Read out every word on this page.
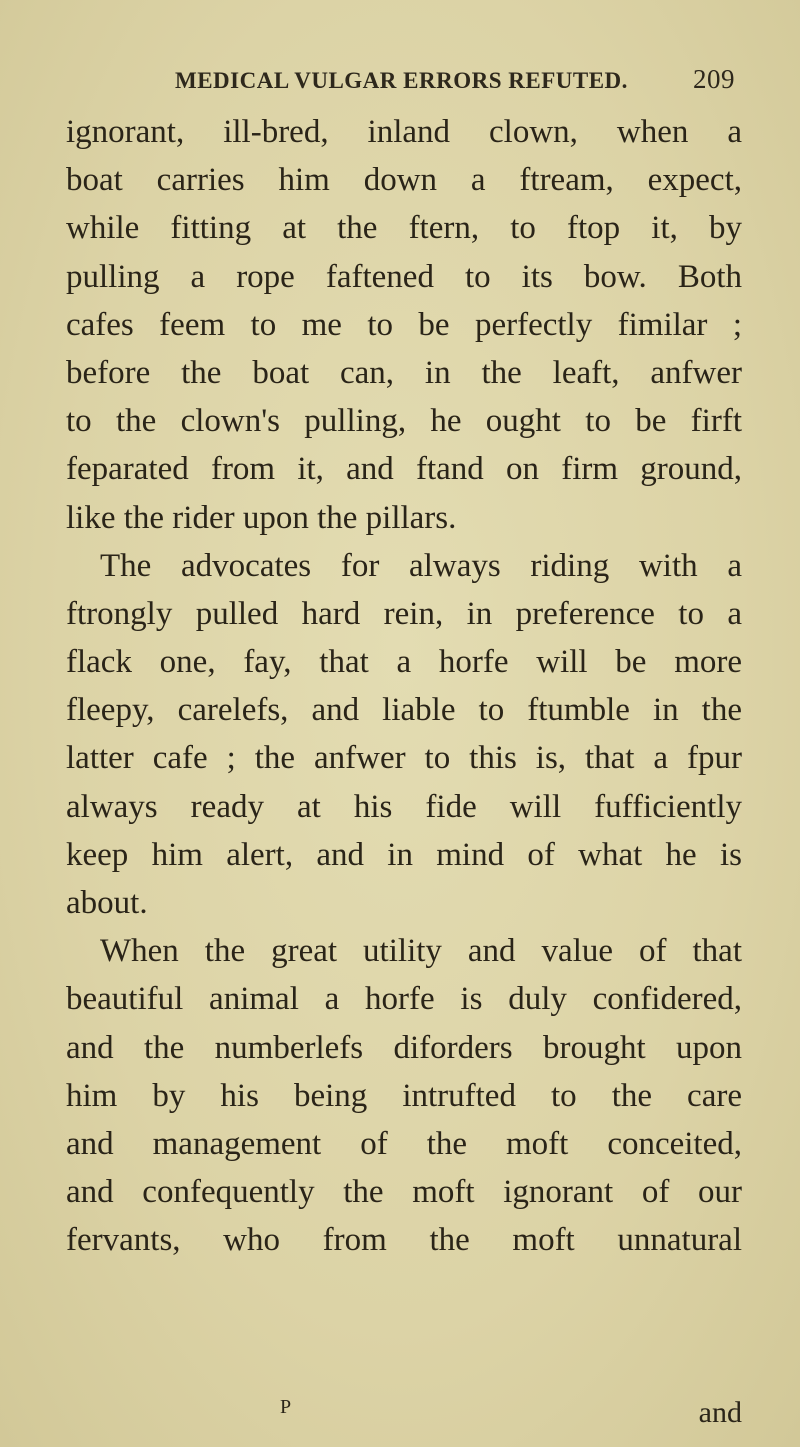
MEDICAL VULGAR ERRORS REFUTED. 209
ignorant, ill-bred, inland clown, when a
boat carries him down a ftream, expect,
while fitting at the ftern, to ftop it, by
pulling a rope faftened to its bow. Both
cafes feem to me to be perfectly fimilar ;
before the boat can, in the leaft, anfwer
to the clown's pulling, he ought to be firft
feparated from it, and ftand on firm ground,
like the rider upon the pillars.
The advocates for always riding with a
ftrongly pulled hard rein, in preference to a
flack one, fay, that a horfe will be more
fleepy, carelefs, and liable to ftumble in the
latter cafe ; the anfwer to this is, that a fpur
always ready at his fide will fufficiently
keep him alert, and in mind of what he is
about.
When the great utility and value of that
beautiful animal a horfe is duly confidered,
and the numberlefs diforders brought upon
him by his being intrufted to the care
and management of the moft conceited,
and confequently the moft ignorant of our
fervants, who from the moft unnatural
P	and
